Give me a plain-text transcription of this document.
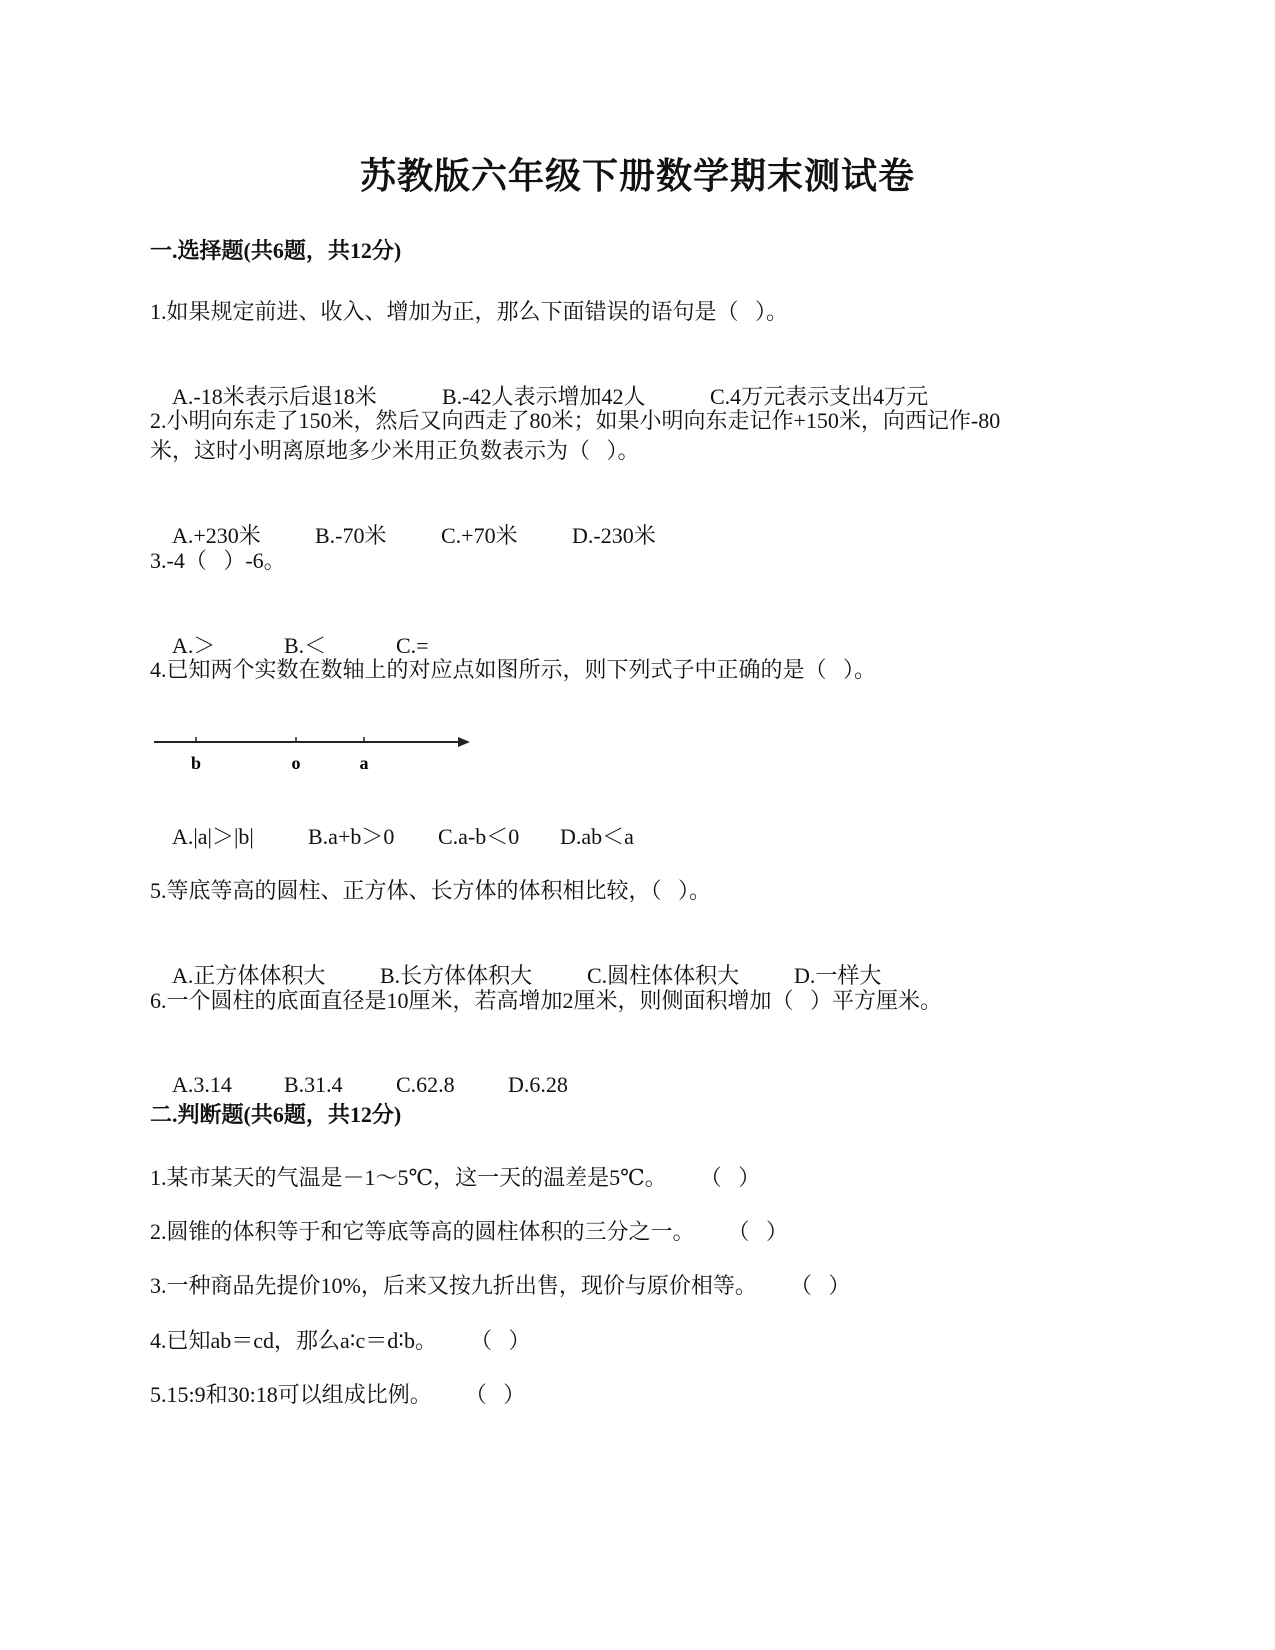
苏教版六年级下册数学期末测试卷
一.选择题(共6题，共12分)
1.如果规定前进、收入、增加为正，那么下面错误的语句是（   ）。

A.-18米表示后退18米	B.-42人表示增加42人	C.4万元表示支出4万元

2.小明向东走了150米，然后又向西走了80米；如果小明向东走记作+150米，向西记作-80
米，这时小明离原地多少米用正负数表示为（   ）。

A.+230米 B.-70米 C.+70米 D.-230米

3.-4（   ）-6。

A.＞	B.＜	C.=

4.已知两个实数在数轴上的对应点如图所示，则下列式子中正确的是（   ）。
b	o	a

A.|a|＞|b| B.a+b＞0 C.a-b＜0 D.ab＜a

5.等底等高的圆柱、正方体、长方体的体积相比较，（   ）。

A.正方体体积大 B.长方体体积大 C.圆柱体体积大 D.一样大

6.一个圆柱的底面直径是10厘米，若高增加2厘米，则侧面积增加（   ）平方厘米。

A.3.14 B.31.4 C.62.8 D.6.28

二.判断题(共6题，共12分)
1.某市某天的气温是－1～5℃，这一天的温差是5℃。      （   ）
2.圆锥的体积等于和它等底等高的圆柱体积的三分之一。      （   ）
3.一种商品先提价10%，后来又按九折出售，现价与原价相等。      （   ）
4.已知ab＝cd，那么a∶c＝d∶b。      （   ）
5.15:9和30:18可以组成比例。      （   ）
